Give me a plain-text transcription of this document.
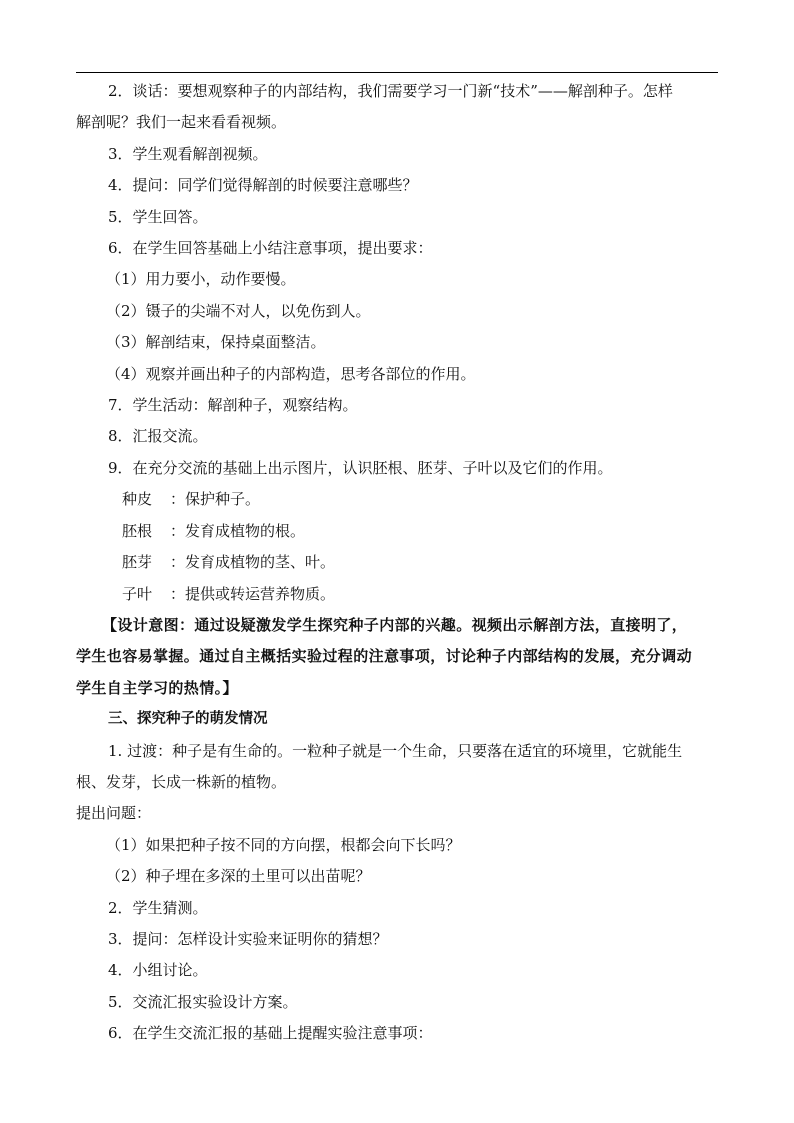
2．谈话：要想观察种子的内部结构，我们需要学习一门新“技术”——解剖种子。怎样
解剖呢？我们一起来看看视频。
3．学生观看解剖视频。
4．提问：同学们觉得解剖的时候要注意哪些？
5．学生回答。
6．在学生回答基础上小结注意事项，提出要求：
（1）用力要小，动作要慢。
（2）镊子的尖端不对人，以免伤到人。
（3）解剖结束，保持桌面整洁。
（4）观察并画出种子的内部构造，思考各部位的作用。
7．学生活动：解剖种子，观察结构。
8．汇报交流。
9．在充分交流的基础上出示图片，认识胚根、胚芽、子叶以及它们的作用。
种皮 ：保护种子。
胚根 ：发育成植物的根。
胚芽 ：发育成植物的茎、叶。
子叶 ：提供或转运营养物质。
【设计意图：通过设疑激发学生探究种子内部的兴趣。视频出示解剖方法，直接明了，
学生也容易掌握。通过自主概括实验过程的注意事项，讨论种子内部结构的发展，充分调动
学生自主学习的热情。】
三、探究种子的萌发情况
1. 过渡：种子是有生命的。一粒种子就是一个生命，只要落在适宜的环境里，它就能生
根、发芽，长成一株新的植物。
提出问题：
（1）如果把种子按不同的方向摆，根都会向下长吗？
（2）种子埋在多深的土里可以出苗呢？
2．学生猜测。
3．提问：怎样设计实验来证明你的猜想？
4．小组讨论。
5．交流汇报实验设计方案。
6．在学生交流汇报的基础上提醒实验注意事项：
